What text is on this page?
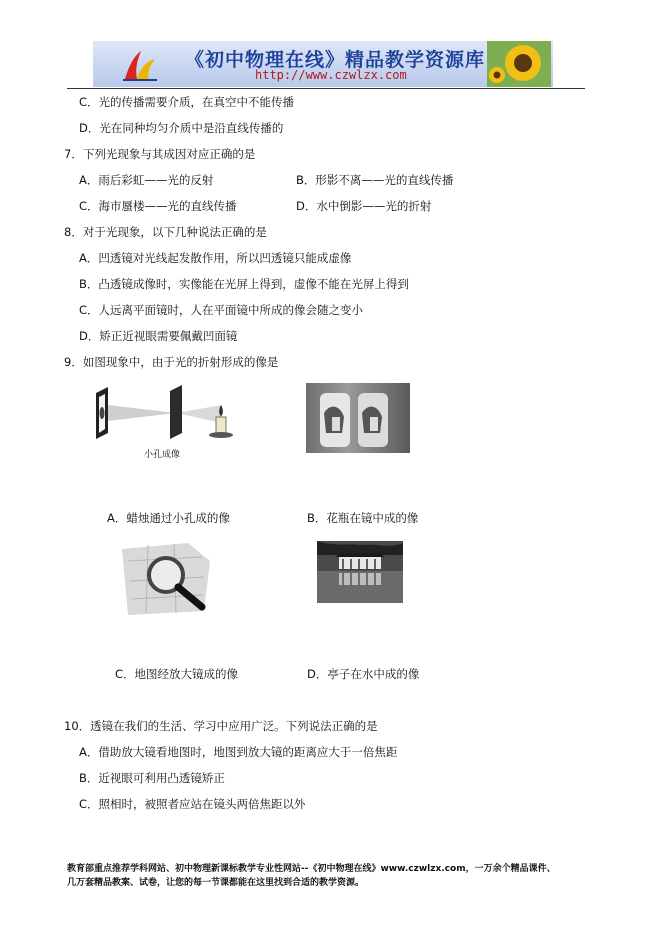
《初中物理在线》精品教学资源库
http://www.czwlzx.com
C．光的传播需要介质，在真空中不能传播
D．光在同种均匀介质中是沿直线传播的
7．下列光现象与其成因对应正确的是
A．雨后彩虹——光的反射	B．形影不离——光的直线传播
C．海市蜃楼——光的直线传播	D．水中倒影——光的折射
8．对于光现象，以下几种说法正确的是
A．凹透镜对光线起发散作用，所以凹透镜只能成虚像
B．凸透镜成像时，实像能在光屏上得到，虚像不能在光屏上得到
C．人远离平面镜时，人在平面镜中所成的像会随之变小
D．矫正近视眼需要佩戴凹面镜
9．如图现象中，由于光的折射形成的像是
小孔成像
A．蜡烛通过小孔成的像	B．花瓶在镜中成的像
C．地图经放大镜成的像	D．亭子在水中成的像
10．透镜在我们的生活、学习中应用广泛。下列说法正确的是
A．借助放大镜看地图时，地图到放大镜的距离应大于一倍焦距
B．近视眼可利用凸透镜矫正
C．照相时，被照者应站在镜头两倍焦距以外
教育部重点推荐学科网站、初中物理新课标教学专业性网站--《初中物理在线》www.czwlzx.com，一万余个精品课件、
几万套精品教案、试卷，让您的每一节课都能在这里找到合适的教学资源。
